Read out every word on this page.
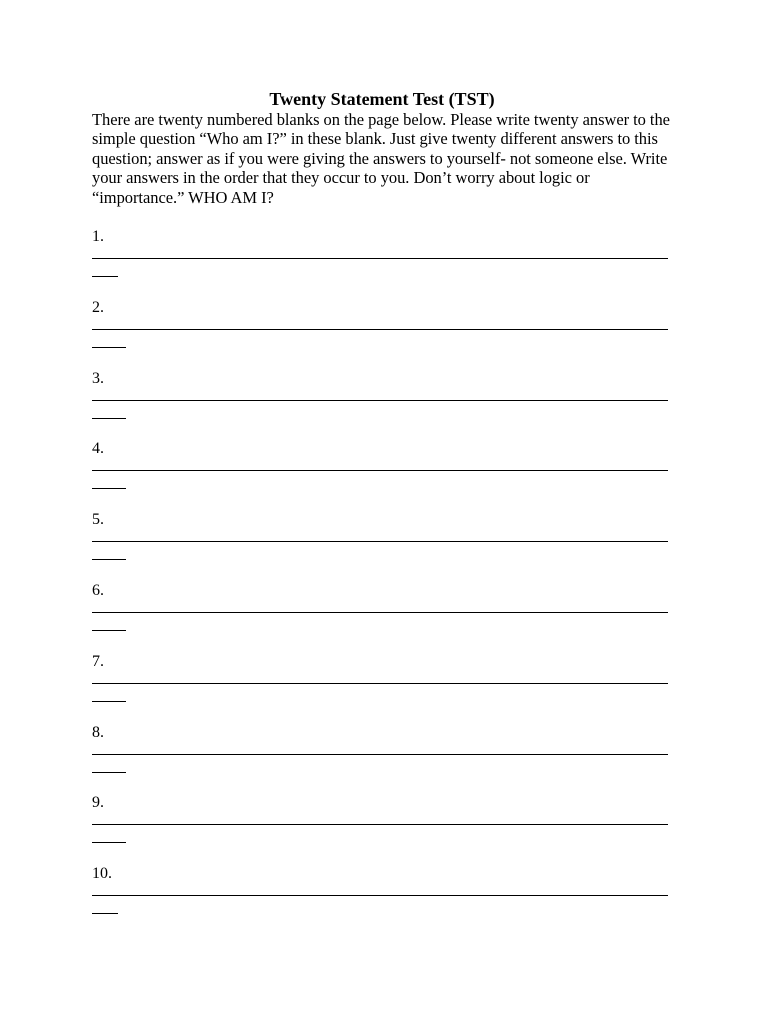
Twenty Statement Test (TST)

There are twenty numbered blanks on the page below. Please write twenty answer to the simple question “Who am I?” in these blank. Just give twenty different answers to this question; answer as if you were giving the answers to yourself- not someone else. Write your answers in the order that they occur to you. Don’t worry about logic or “importance.” WHO AM I?

1.
2.
3.
4.
5.
6.
7.
8.
9.
10.
